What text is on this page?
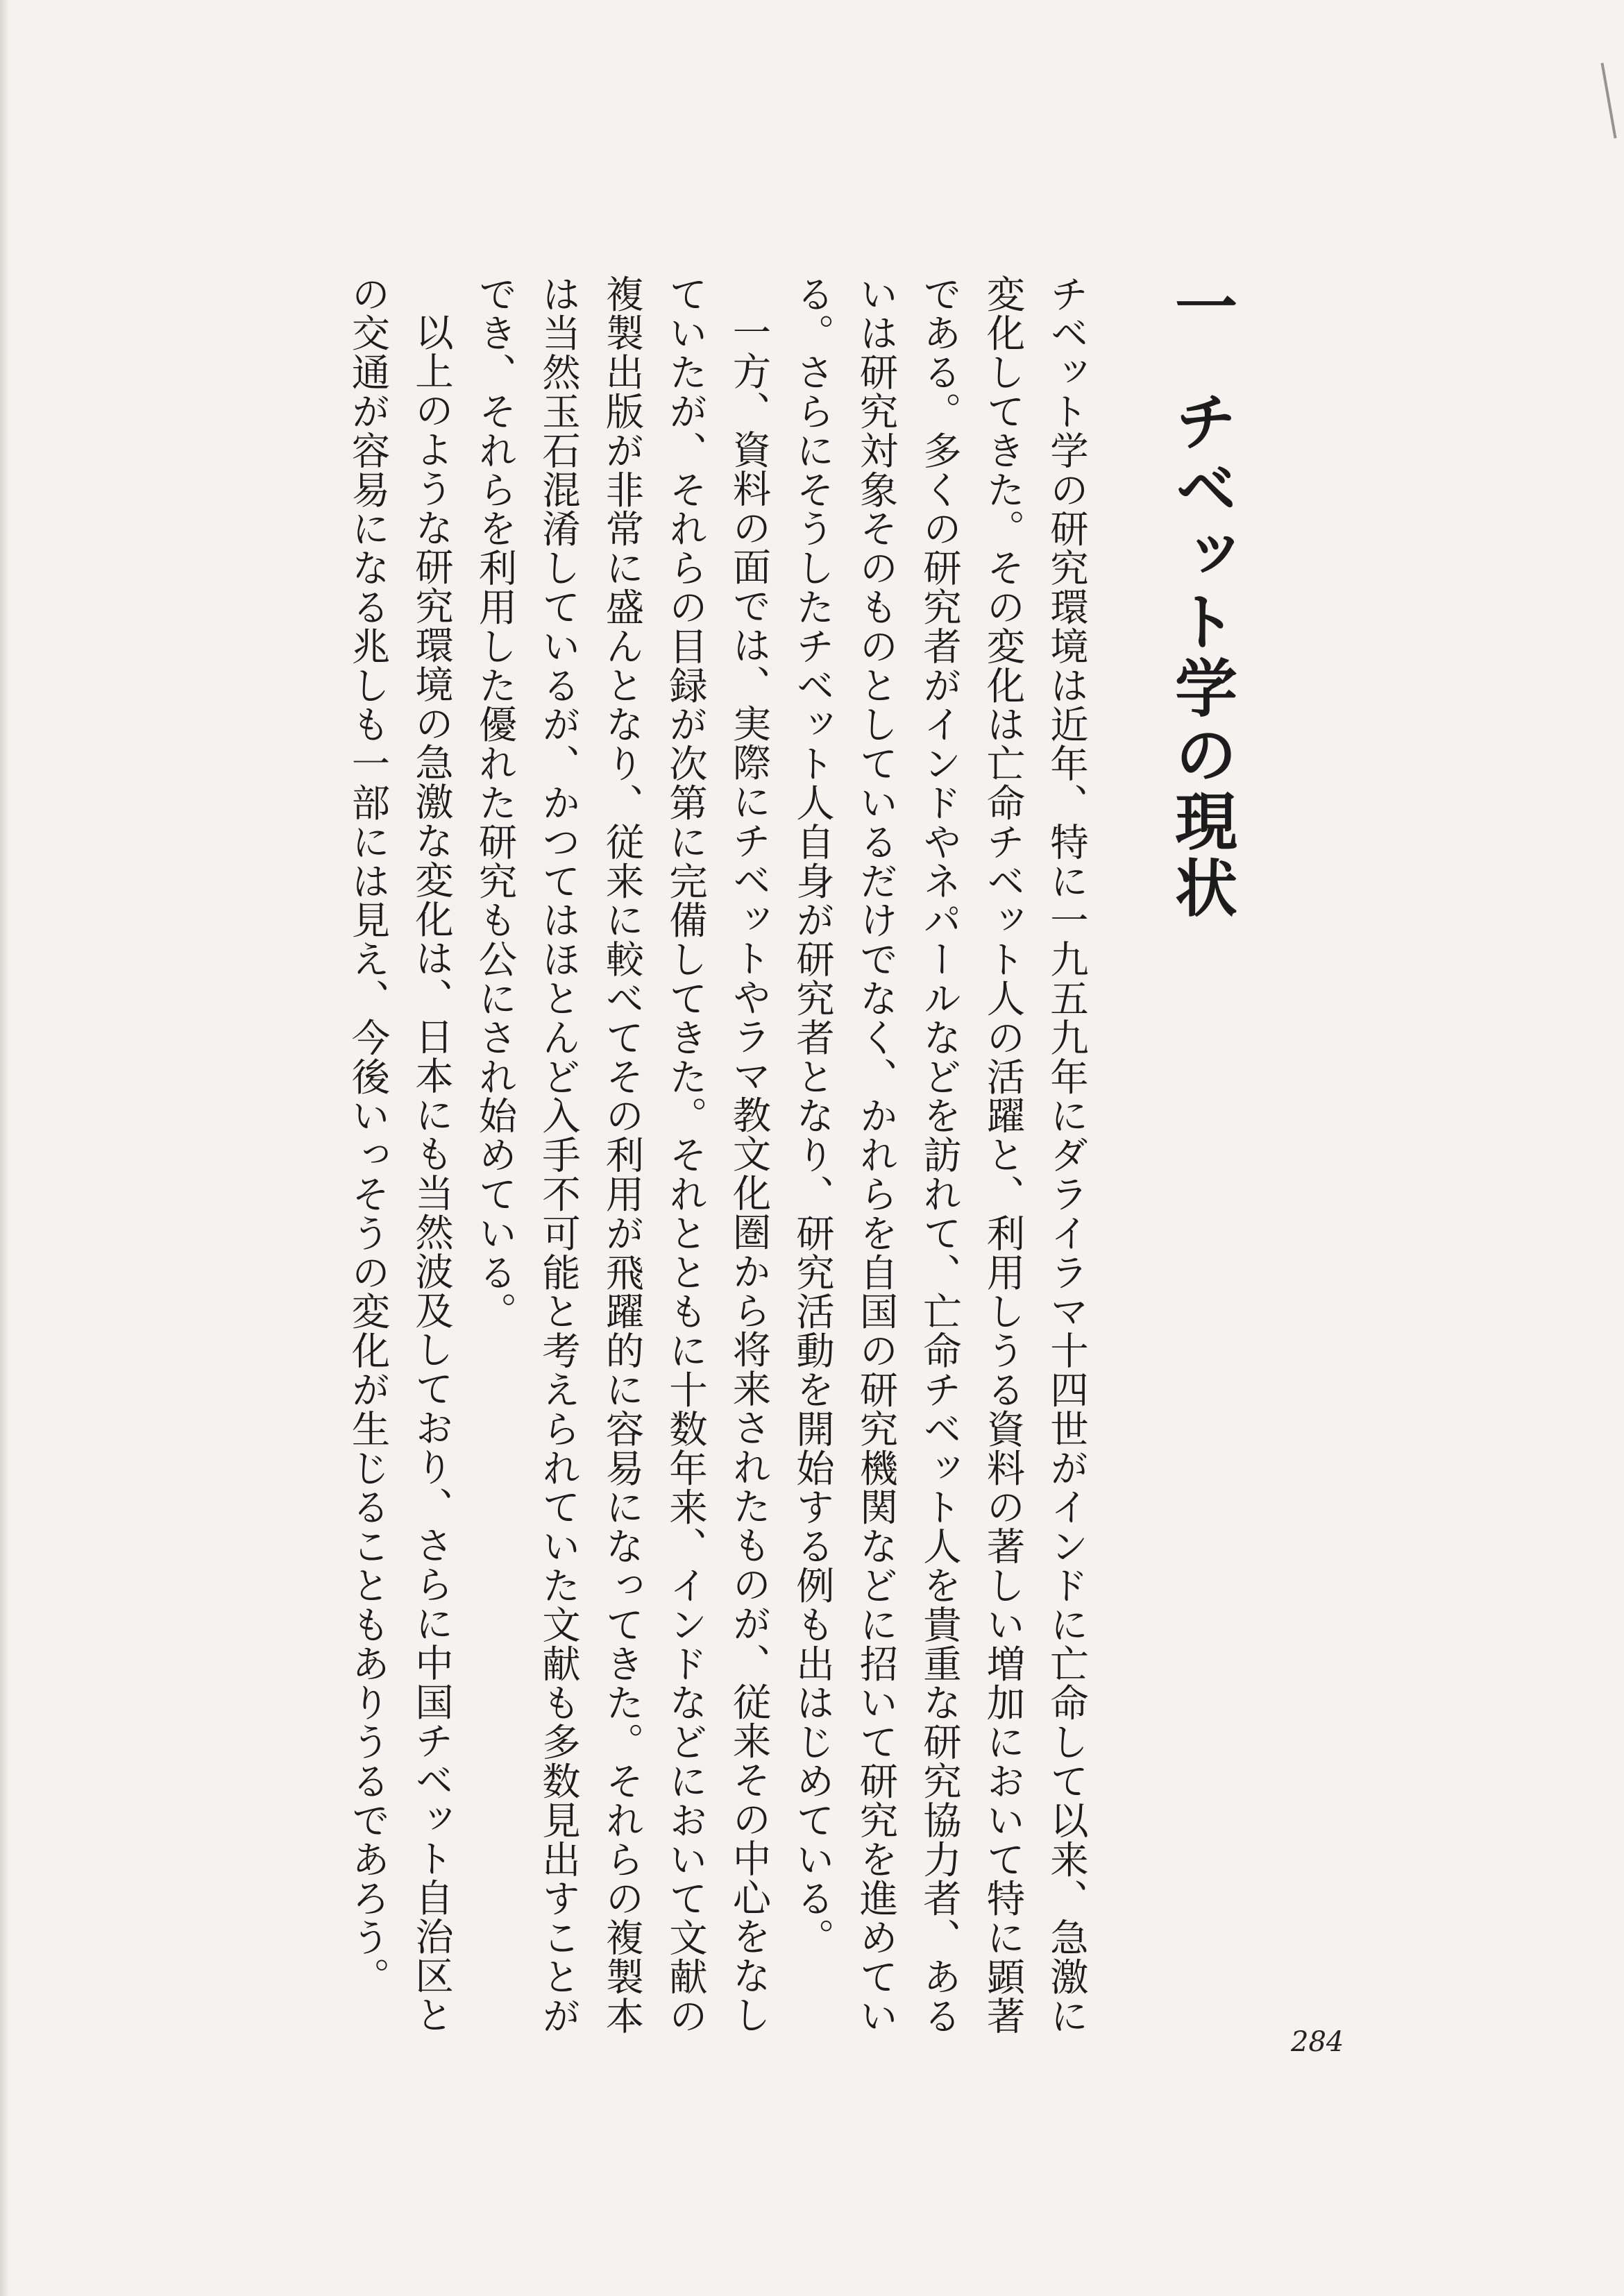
一チベット学の現状

チベット学の研究環境は近年、特に一九五九年にダライラマ十四世がインドに亡命して以来、急激に変化してきた。その変化は亡命チベット人の活躍と、利用しうる資料の著しい増加において特に顕著である。多くの研究者がインドやネパールなどを訪れて、亡命チベット人を貴重な研究協力者、あるいは研究対象そのものとしているだけでなく、かれらを自国の研究機関などに招いて研究を進めている。さらにそうしたチベット人自身が研究者となり、研究活動を開始する例も出はじめている。

一方、資料の面では、実際にチベットやラマ教文化圏から将来されたものが、従来その中心をなしていたが、それらの目録が次第に完備してきた。それとともに十数年来、インドなどにおいて文献の複製出版が非常に盛んとなり、従来に較べてその利用が飛躍的に容易になってきた。それらの複製本は当然玉石混淆しているが、かつてはほとんど入手不可能と考えられていた文献も多数見出すことができ、それらを利用した優れた研究も公にされ始めている。

以上のような研究環境の急激な変化は、日本にも当然波及しており、さらに中国チベット自治区との交通が容易になる兆しも一部には見え、今後いっそうの変化が生じることもありうるであろう。

284
